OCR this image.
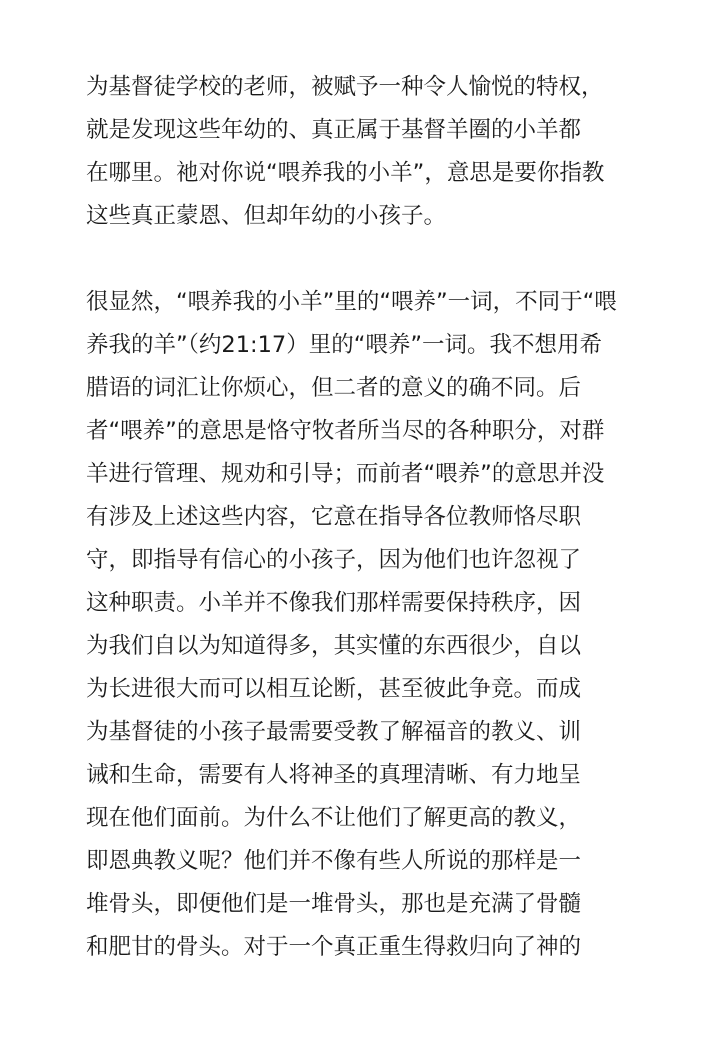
为基督徒学校的老师，被赋予一种令人愉悦的特权，
就是发现这些年幼的、真正属于基督羊圈的小羊都
在哪里。祂对你说“喂养我的小羊”，意思是要你指教
这些真正蒙恩、但却年幼的小孩子。
很显然，“喂养我的小羊”里的“喂养”一词，不同于“喂
养我的羊”（约21:17）里的“喂养”一词。我不想用希
腊语的词汇让你烦心，但二者的意义的确不同。后
者“喂养”的意思是恪守牧者所当尽的各种职分，对群
羊进行管理、规劝和引导；而前者“喂养”的意思并没
有涉及上述这些内容，它意在指导各位教师恪尽职
守，即指导有信心的小孩子，因为他们也许忽视了
这种职责。小羊并不像我们那样需要保持秩序，因
为我们自以为知道得多，其实懂的东西很少，自以
为长进很大而可以相互论断，甚至彼此争竞。而成
为基督徒的小孩子最需要受教了解福音的教义、训
诫和生命，需要有人将神圣的真理清晰、有力地呈
现在他们面前。为什么不让他们了解更高的教义，
即恩典教义呢？他们并不像有些人所说的那样是一
堆骨头，即便他们是一堆骨头，那也是充满了骨髓
和肥甘的骨头。对于一个真正重生得救归向了神的
